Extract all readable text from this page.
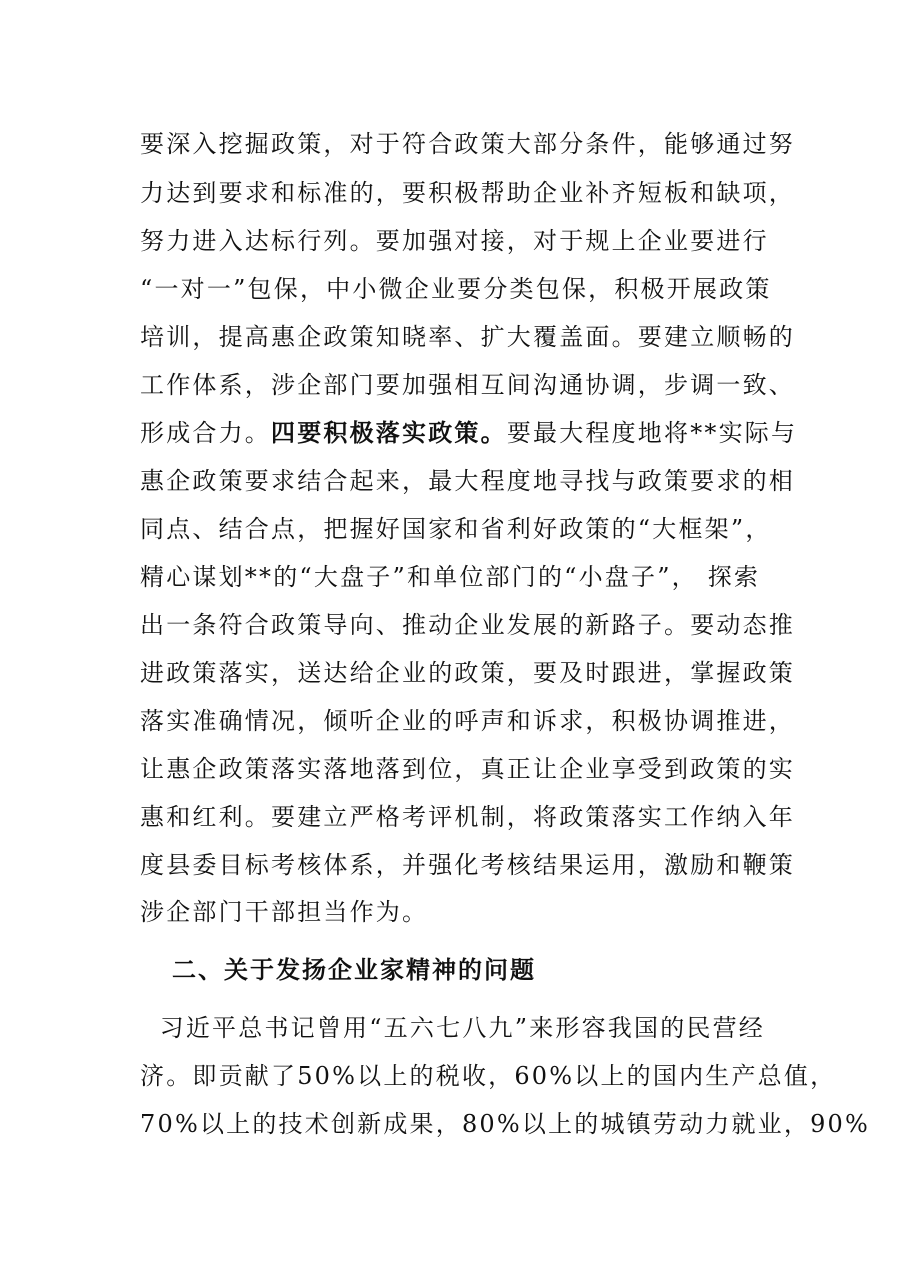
要深入挖掘政策，对于符合政策大部分条件，能够通过努
力达到要求和标准的，要积极帮助企业补齐短板和缺项，
努力进入达标行列。要加强对接，对于规上企业要进行
“一对一”包保，中小微企业要分类包保，积极开展政策
培训，提高惠企政策知晓率、扩大覆盖面。要建立顺畅的
工作体系，涉企部门要加强相互间沟通协调，步调一致、
形成合力。四要积极落实政策。要最大程度地将**实际与
惠企政策要求结合起来，最大程度地寻找与政策要求的相
同点、结合点，把握好国家和省利好政策的“大框架”，
精心谋划**的“大盘子”和单位部门的“小盘子”， 探索
出一条符合政策导向、推动企业发展的新路子。要动态推
进政策落实，送达给企业的政策，要及时跟进，掌握政策
落实准确情况，倾听企业的呼声和诉求，积极协调推进，
让惠企政策落实落地落到位，真正让企业享受到政策的实
惠和红利。要建立严格考评机制，将政策落实工作纳入年
度县委目标考核体系，并强化考核结果运用，激励和鞭策
涉企部门干部担当作为。
二、关于发扬企业家精神的问题
习近平总书记曾用“五六七八九”来形容我国的民营经
济。即贡献了50%以上的税收，60%以上的国内生产总值，
70%以上的技术创新成果，80%以上的城镇劳动力就业，90%
